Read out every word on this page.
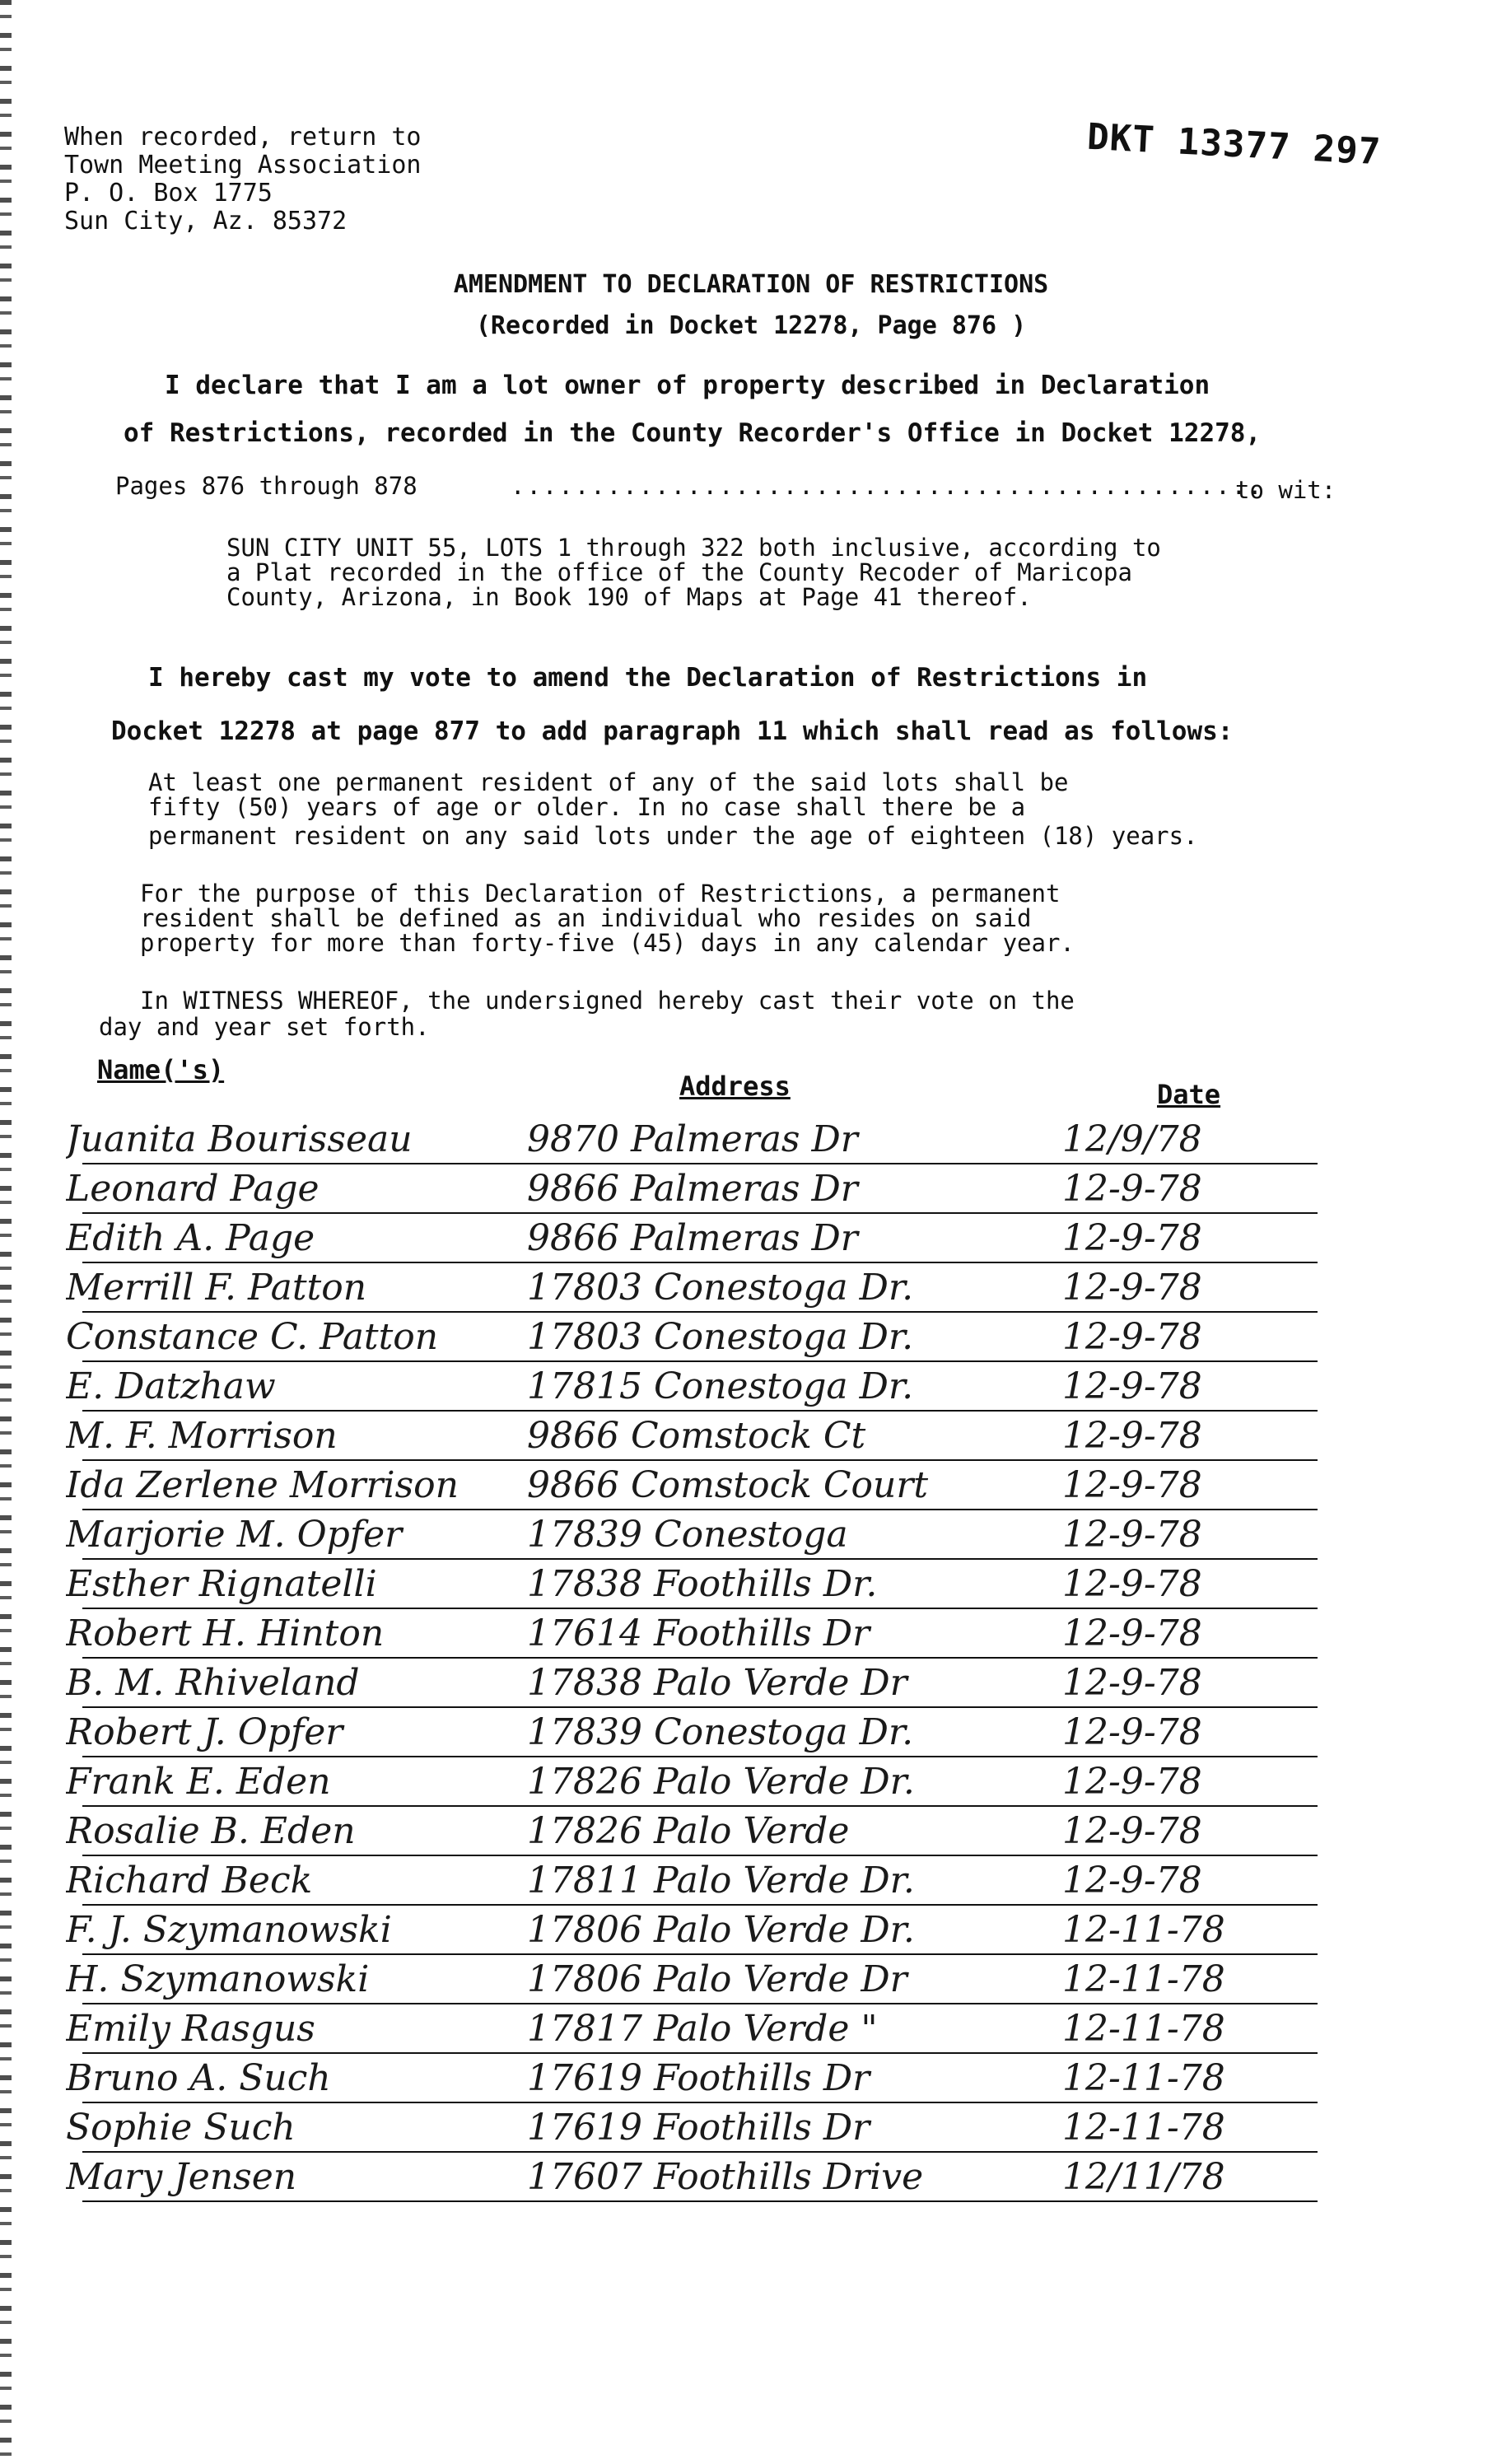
When recorded, return to
Town Meeting Association
P. O. Box 1775
Sun City, Az. 85372
DKT 13377 297
AMENDMENT TO DECLARATION OF RESTRICTIONS
(Recorded in Docket 12278, Page 876 )
I declare that I am a lot owner of property described in Declaration
of Restrictions, recorded in the County Recorder's Office in Docket 12278,
Pages 876 through 878	...............................................
to wit:
SUN CITY UNIT 55, LOTS 1 through 322 both inclusive, according to
a Plat recorded in the office of the County Recoder of Maricopa
County, Arizona, in Book 190 of Maps at Page 41 thereof.
I hereby cast my vote to amend the Declaration of Restrictions in
Docket 12278 at page 877 to add paragraph 11 which shall read as follows:
At least one permanent resident of any of the said lots shall be
fifty (50) years of age or older. In no case shall there be a
permanent resident on any said lots under the age of eighteen (18) years.
For the purpose of this Declaration of Restrictions, a permanent
resident shall be defined as an individual who resides on said
property for more than forty-five (45) days in any calendar year.
In WITNESS WHEREOF, the undersigned hereby cast their vote on the
day and year set forth.
Name('s)
Address	Date
Juanita Bourisseau	9870 Palmeras Dr	12/9/78
Leonard Page	9866 Palmeras Dr	12-9-78
Edith A. Page	9866 Palmeras Dr	12-9-78
Merrill F. Patton	17803 Conestoga Dr.	12-9-78
Constance C. Patton	17803 Conestoga Dr.	12-9-78
E. Datzhaw	17815 Conestoga Dr.	12-9-78
M. F. Morrison	9866 Comstock Ct	12-9-78
Ida Zerlene Morrison	9866 Comstock Court	12-9-78
Marjorie M. Opfer	17839 Conestoga	12-9-78
Esther Rignatelli	17838 Foothills Dr.	12-9-78
Robert H. Hinton	17614 Foothills Dr	12-9-78
B. M. Rhiveland	17838 Palo Verde Dr	12-9-78
Robert J. Opfer	17839 Conestoga Dr.	12-9-78
Frank E. Eden	17826 Palo Verde Dr.	12-9-78
Rosalie B. Eden	17826 Palo Verde	12-9-78
Richard Beck	17811 Palo Verde Dr.	12-9-78
F. J. Szymanowski	17806 Palo Verde Dr.	12-11-78
H. Szymanowski	17806 Palo Verde Dr	12-11-78
Emily Rasgus	17817 Palo Verde "	12-11-78
Bruno A. Such	17619 Foothills Dr	12-11-78
Sophie Such	17619 Foothills Dr	12-11-78
Mary Jensen	17607 Foothills Drive	12/11/78
